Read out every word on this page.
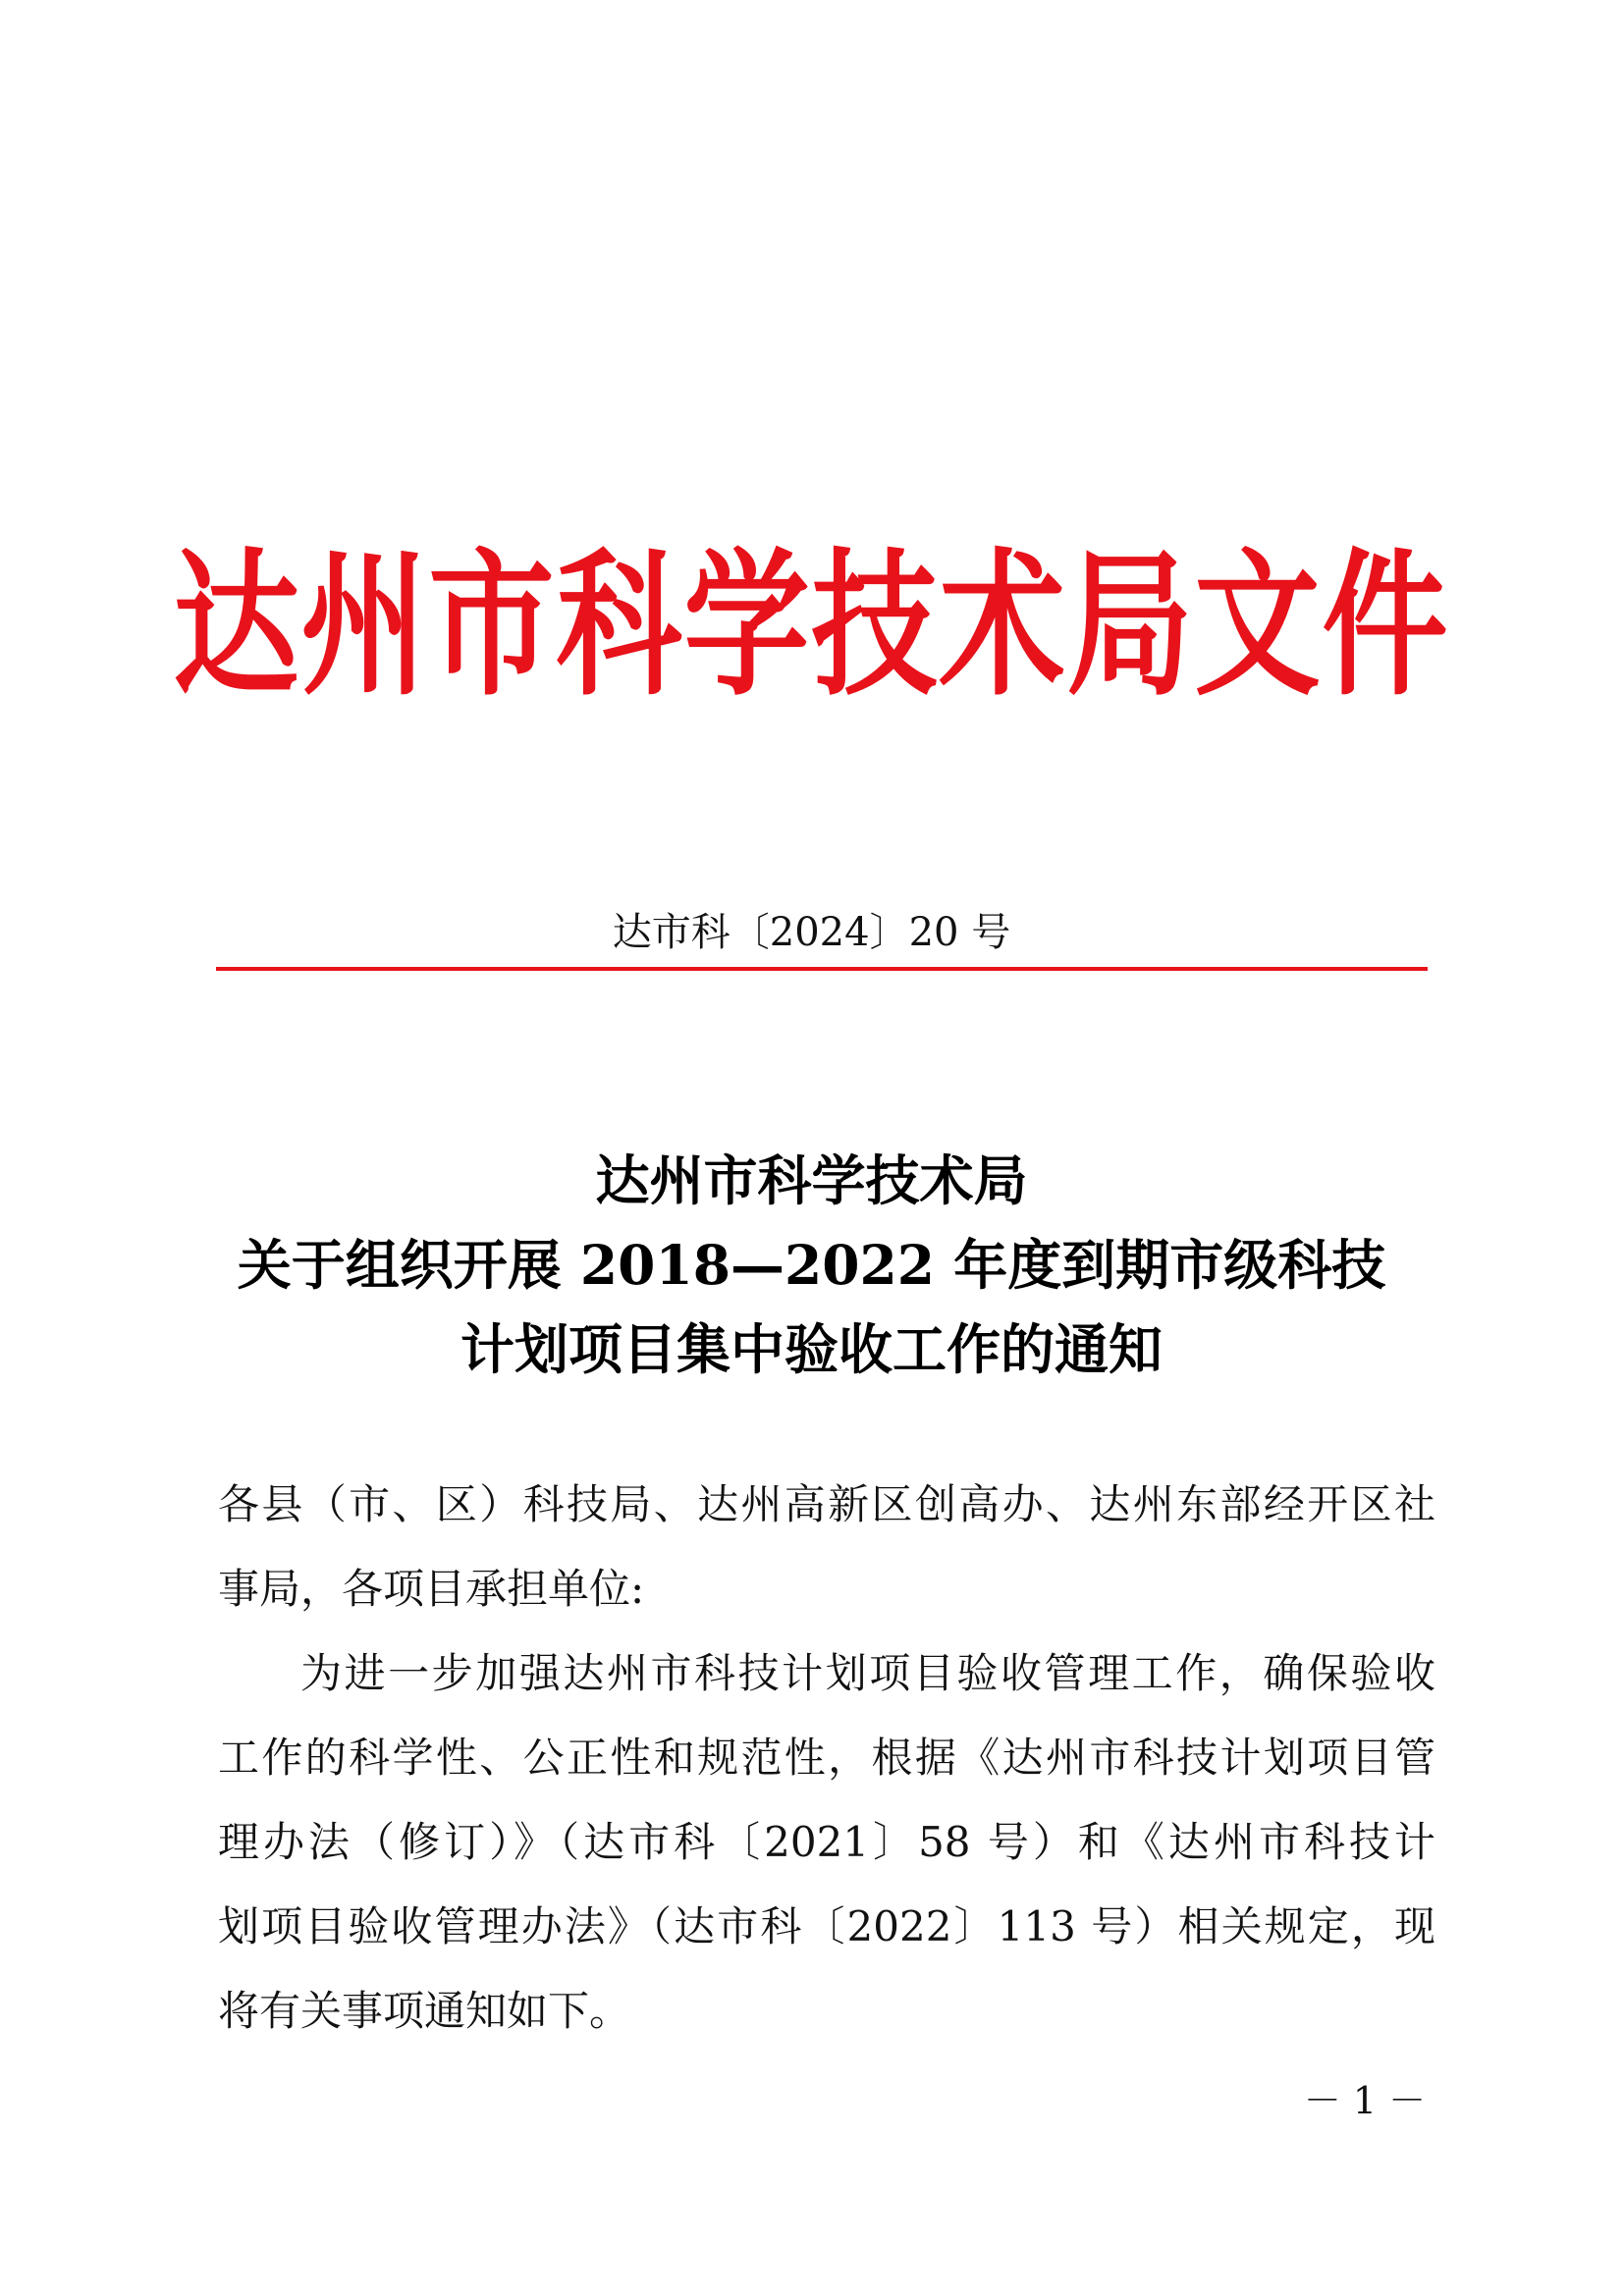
达州市科学技术局文件
达市科〔2024〕20 号
达州市科学技术局
关于组织开展 2018—2022 年度到期市级科技
计划项目集中验收工作的通知
各县（市、区）科技局、达州高新区创高办、达州东部经开区社
事局，各项目承担单位:
为进一步加强达州市科技计划项目验收管理工作，确保验收
工作的科学性、公正性和规范性，根据《达州市科技计划项目管
理办法（修订）》（达市科〔2021〕58 号）和《达州市科技计
划项目验收管理办法》（达市科〔2022〕113 号）相关规定，现
将有关事项通知如下。
－ 1 －
